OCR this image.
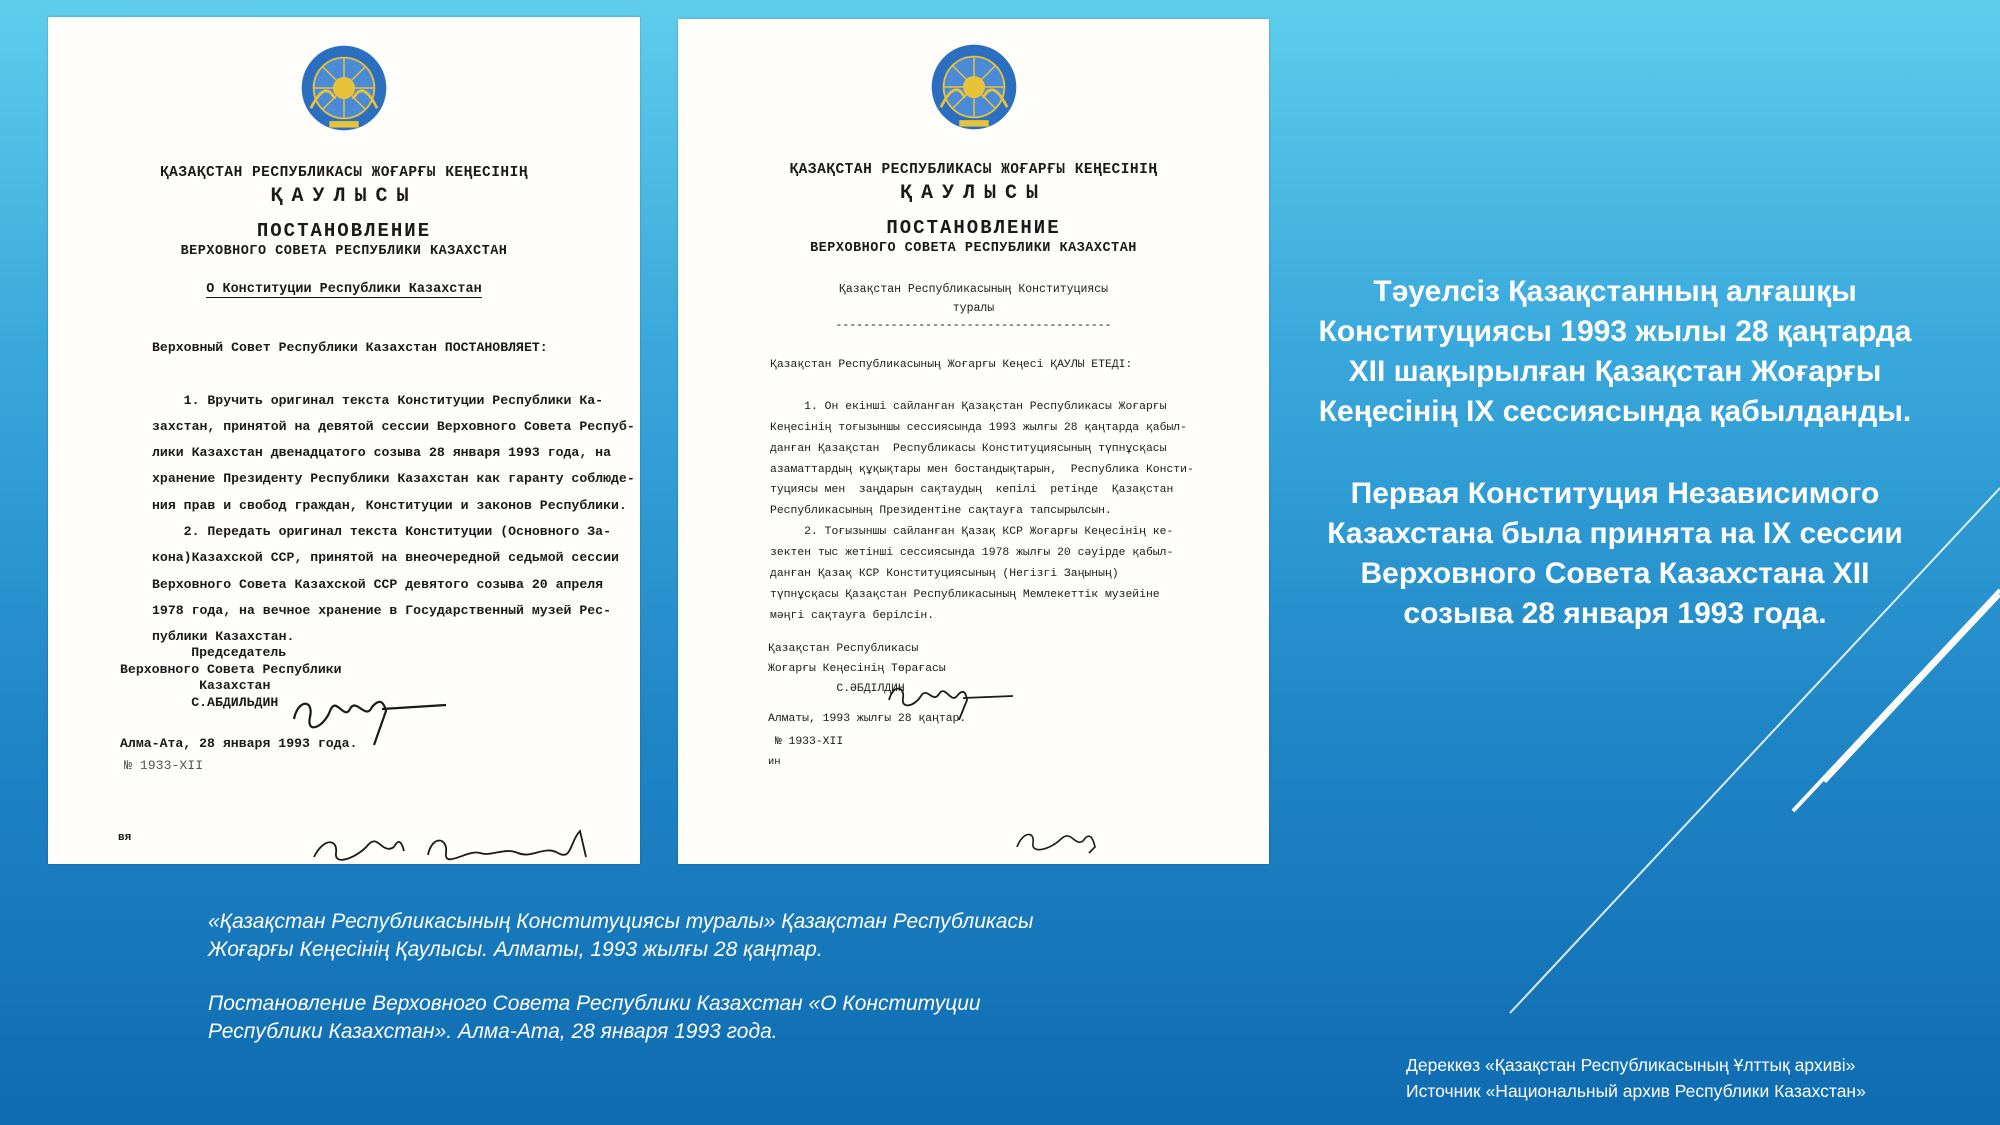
ҚАЗАҚСТАН РЕСПУБЛИКАСЫ ЖОҒАРҒЫ КЕҢЕСІНІҢ
ҚАУЛЫСЫ
ПОСТАНОВЛЕНИЕ
ВЕРХОВНОГО СОВЕТА РЕСПУБЛИКИ КАЗАХСТАН
О Конституции Республики Казахстан
Верховный Совет Республики Казахстан ПОСТАНОВЛЯЕТ:

1. Вручить оригинал текста Конституции Республики Ка-
захстан, принятой на девятой сессии Верховного Совета Респуб-
лики Казахстан двенадцатого созыва 28 января 1993 года, на
хранение Президенту Республики Казахстан как гаранту соблюде-
ния прав и свобод граждан, Конституции и законов Республики.
2. Передать оригинал текста Конституции (Основного За-
кона)Казахской ССР, принятой на внеочередной седьмой сессии
Верховного Совета Казахской ССР девятого созыва 20 апреля
1978 года, на вечное хранение в Государственный музей Рес-
публики Казахстан.
Председатель
Верховного Совета Республики
Казахстан
С.АБДИЛЬДИН
Алма-Ата, 28 января 1993 года.
№ 1933-XII
вя
ҚАЗАҚСТАН РЕСПУБЛИКАСЫ ЖОҒАРҒЫ КЕҢЕСІНІҢ
ҚАУЛЫСЫ
ПОСТАНОВЛЕНИЕ
ВЕРХОВНОГО СОВЕТА РЕСПУБЛИКИ КАЗАХСТАН
Қазақстан Республикасының Конституциясы
туралы
----------------------------------------
Қазақстан Республикасының Жоғарғы Кеңесі ҚАУЛЫ ЕТЕДІ:

1. Он екінші сайланған Қазақстан Республикасы Жоғарғы
Кеңесінің тоғызыншы сессиясында 1993 жылғы 28 қаңтарда қабыл-
данған Қазақстан  Республикасы Конституциясының түпнұсқасы
азаматтардың құқықтары мен бостандықтарын,  Республика Консти-
туциясы мен  заңдарын сақтаудың  кепілі  ретінде  Қазақстан
Республикасының Президентіне сақтауға тапсырылсын.
2. Тоғызыншы сайланған Қазақ КСР Жоғарғы Кеңесінің ке-
зектен тыс жетінші сессиясында 1978 жылғы 20 сәуірде қабыл-
данған Қазақ КСР Конституциясының (Негізгі Заңының)
түпнұсқасы Қазақстан Республикасының Мемлекеттік музейіне
мәңгі сақтауға берілсін.
Қазақстан Республикасы
Жоғарғы Кеңесінің Төрағасы
С.ӘБДІЛДИН
Алматы, 1993 жылғы 28 қаңтар.
№ 1933-XII
ин
Тәуелсіз Қазақстанның алғашқы
Конституциясы 1993 жылы 28 қаңтарда
XII шақырылған Қазақстан Жоғарғы
Кеңесінің IX сессиясында қабылданды.
Первая Конституция Независимого
Казахстана была принята на IX сессии
Верховного Совета Казахстана XII
созыва 28 января 1993 года.
«Қазақстан Республикасының Конституциясы туралы» Қазақстан Республикасы
Жоғарғы Кеңесінің Қаулысы. Алматы, 1993 жылғы 28 қаңтар.
Постановление Верховного Совета Республики Казахстан «О Конституции
Республики Казахстан». Алма-Ата, 28 января 1993 года.
Дереккөз «Қазақстан Республикасының Ұлттық архиві»
Источник «Национальный архив Республики Казахстан»
